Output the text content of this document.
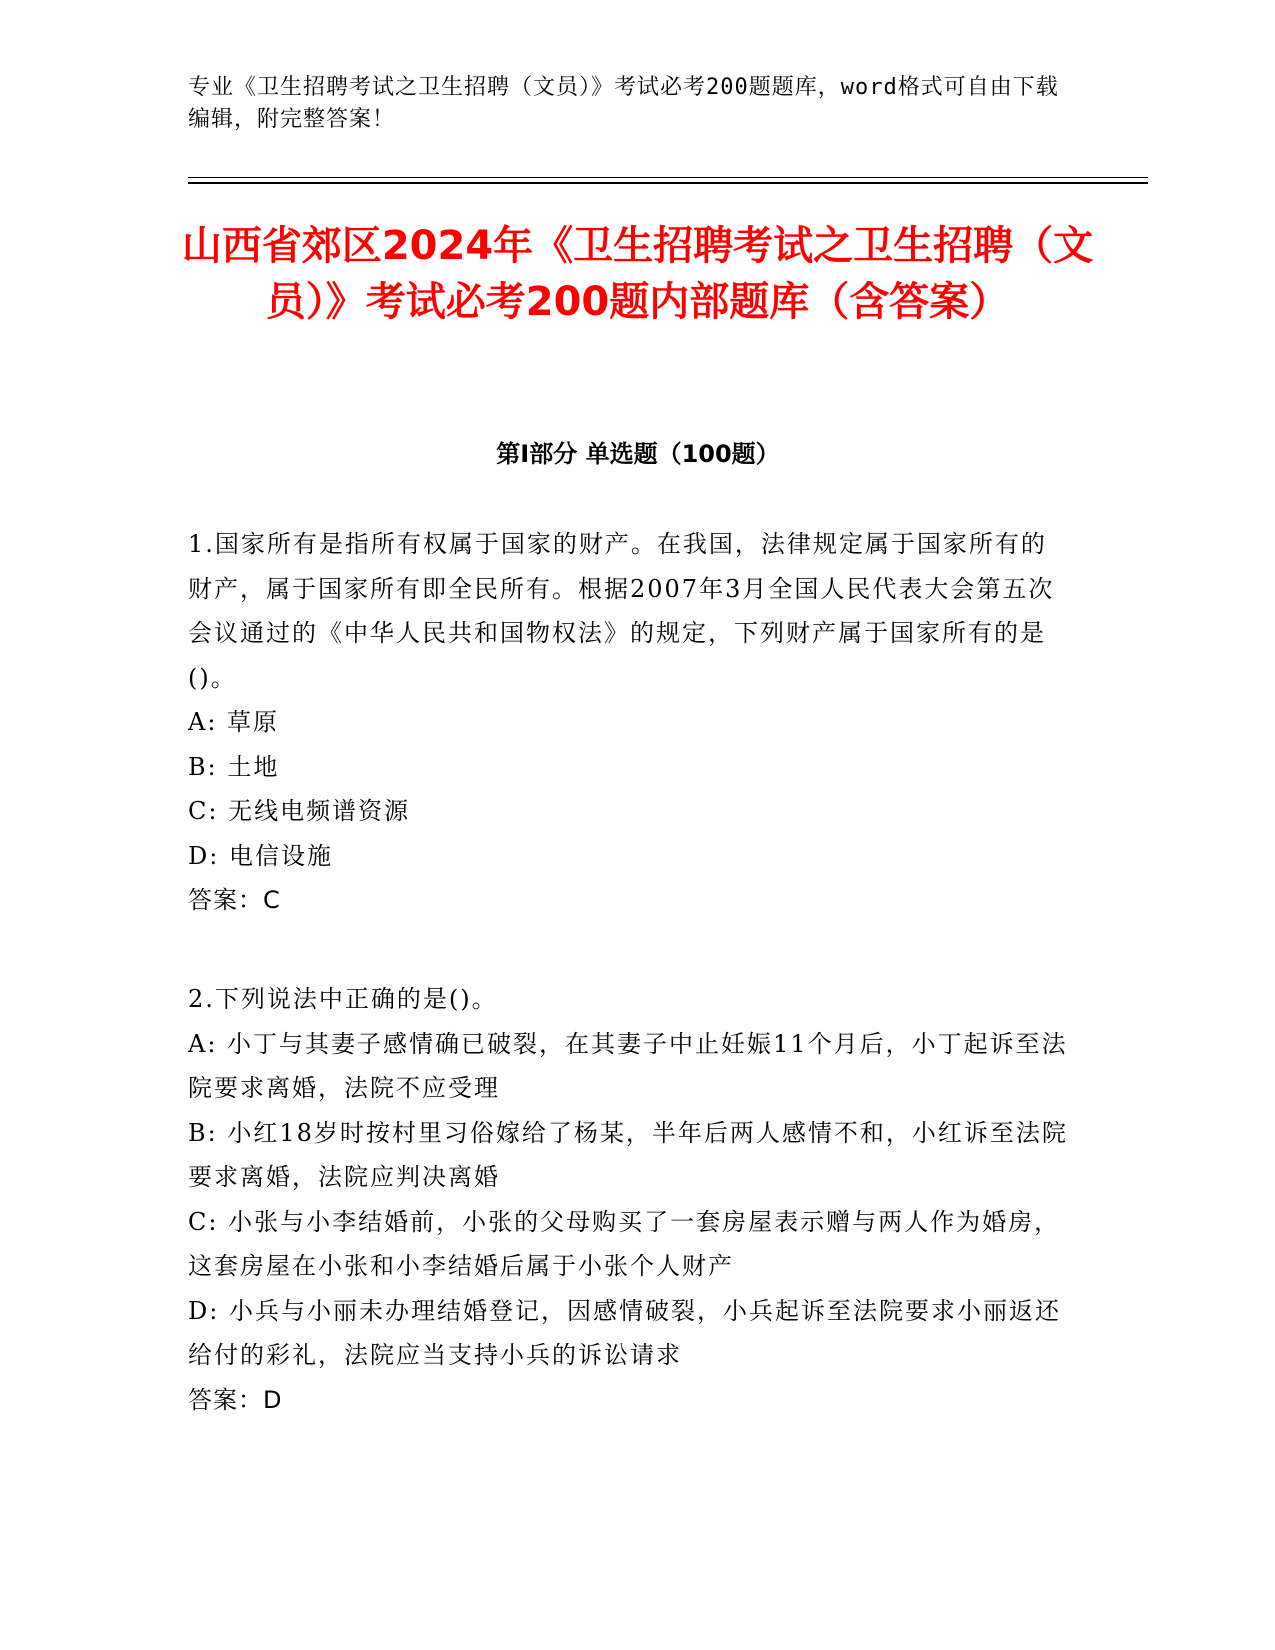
专业《卫生招聘考试之卫生招聘（文员）》考试必考200题题库，word格式可自由下载编辑，附完整答案！
山西省郊区2024年《卫生招聘考试之卫生招聘（文员）》考试必考200题内部题库（含答案）
第Ⅰ部分 单选题（100题）

1.国家所有是指所有权属于国家的财产。在我国，法律规定属于国家所有的财产，属于国家所有即全民所有。根据2007年3月全国人民代表大会第五次会议通过的《中华人民共和国物权法》的规定，下列财产属于国家所有的是()。

A: 草原

B: 土地

C: 无线电频谱资源

D: 电信设施

答案：C

2.下列说法中正确的是()。

A: 小丁与其妻子感情确已破裂，在其妻子中止妊娠11个月后，小丁起诉至法院要求离婚，法院不应受理

B: 小红18岁时按村里习俗嫁给了杨某，半年后两人感情不和，小红诉至法院要求离婚，法院应判决离婚

C: 小张与小李结婚前，小张的父母购买了一套房屋表示赠与两人作为婚房，这套房屋在小张和小李结婚后属于小张个人财产

D: 小兵与小丽未办理结婚登记，因感情破裂，小兵起诉至法院要求小丽返还给付的彩礼，法院应当支持小兵的诉讼请求

答案：D
